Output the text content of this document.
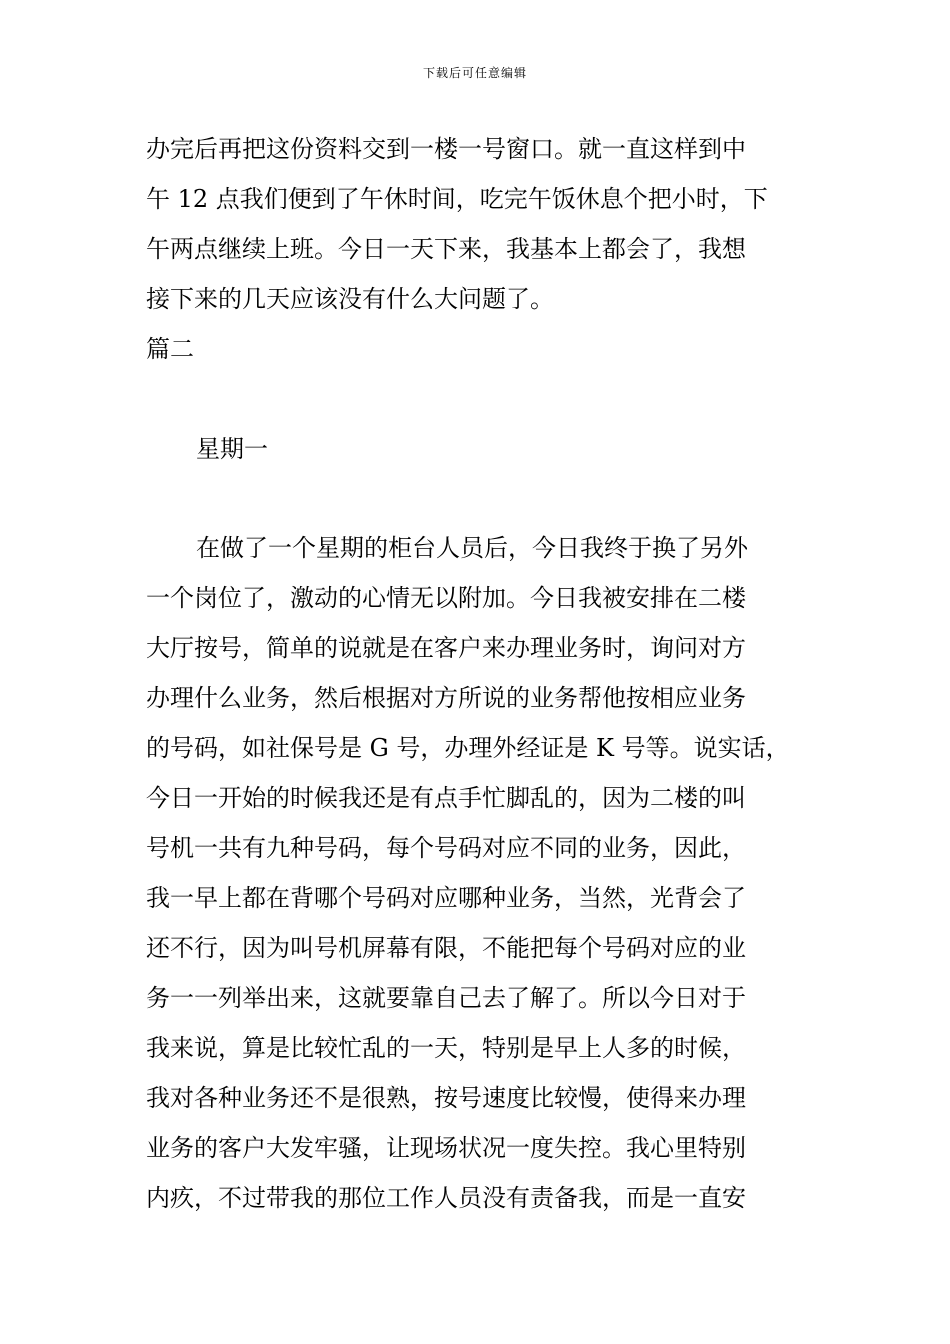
下载后可任意编辑
办完后再把这份资料交到一楼一号窗口。就一直这样到中
午 12 点我们便到了午休时间，吃完午饭休息个把小时，下
午两点继续上班。今日一天下来，我基本上都会了，我想
接下来的几天应该没有什么大问题了。
篇二
星期一
在做了一个星期的柜台人员后，今日我终于换了另外
一个岗位了，激动的心情无以附加。今日我被安排在二楼
大厅按号，简单的说就是在客户来办理业务时，询问对方
办理什么业务，然后根据对方所说的业务帮他按相应业务
的号码，如社保号是 G 号，办理外经证是 K 号等。说实话，
今日一开始的时候我还是有点手忙脚乱的，因为二楼的叫
号机一共有九种号码，每个号码对应不同的业务，因此，
我一早上都在背哪个号码对应哪种业务，当然，光背会了
还不行，因为叫号机屏幕有限，不能把每个号码对应的业
务一一列举出来，这就要靠自己去了解了。所以今日对于
我来说，算是比较忙乱的一天，特别是早上人多的时候，
我对各种业务还不是很熟，按号速度比较慢，使得来办理
业务的客户大发牢骚，让现场状况一度失控。我心里特别
内疚，不过带我的那位工作人员没有责备我，而是一直安
